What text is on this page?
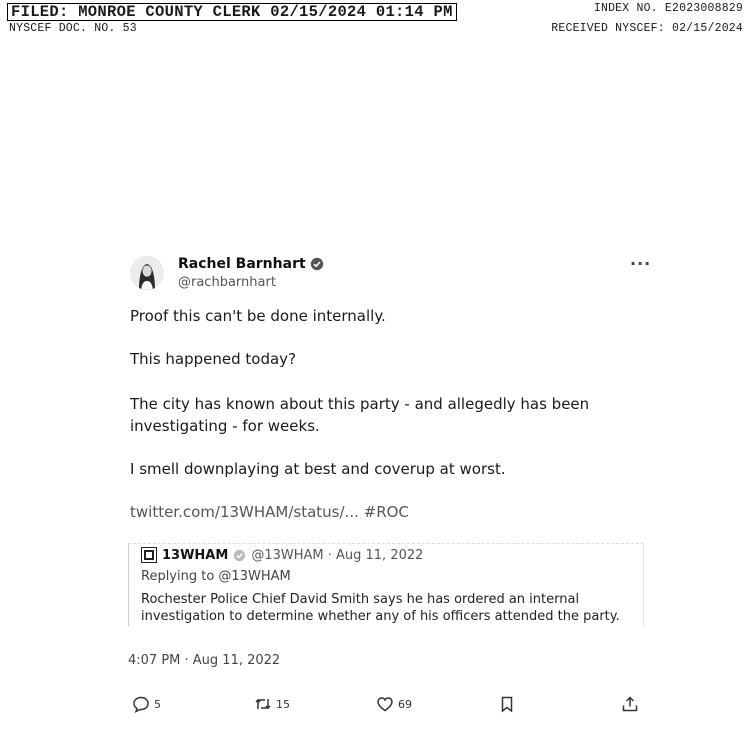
FILED: MONROE COUNTY CLERK 02/15/2024 01:14 PM
NYSCEF DOC. NO. 53
INDEX NO. E2023008829
RECEIVED NYSCEF: 02/15/2024
Rachel Barnhart
@rachbarnhart
···

Proof this can't be done internally.

This happened today?

The city has known about this party - and allegedly has been investigating - for weeks.

I smell downplaying at best and coverup at worst.

twitter.com/13WHAM/status/... #ROC

13WHAM @13WHAM · Aug 11, 2022
Replying to @13WHAM
Rochester Police Chief David Smith says he has ordered an internal investigation to determine whether any of his officers attended the party.
4:07 PM · Aug 11, 2022
5	15	69
